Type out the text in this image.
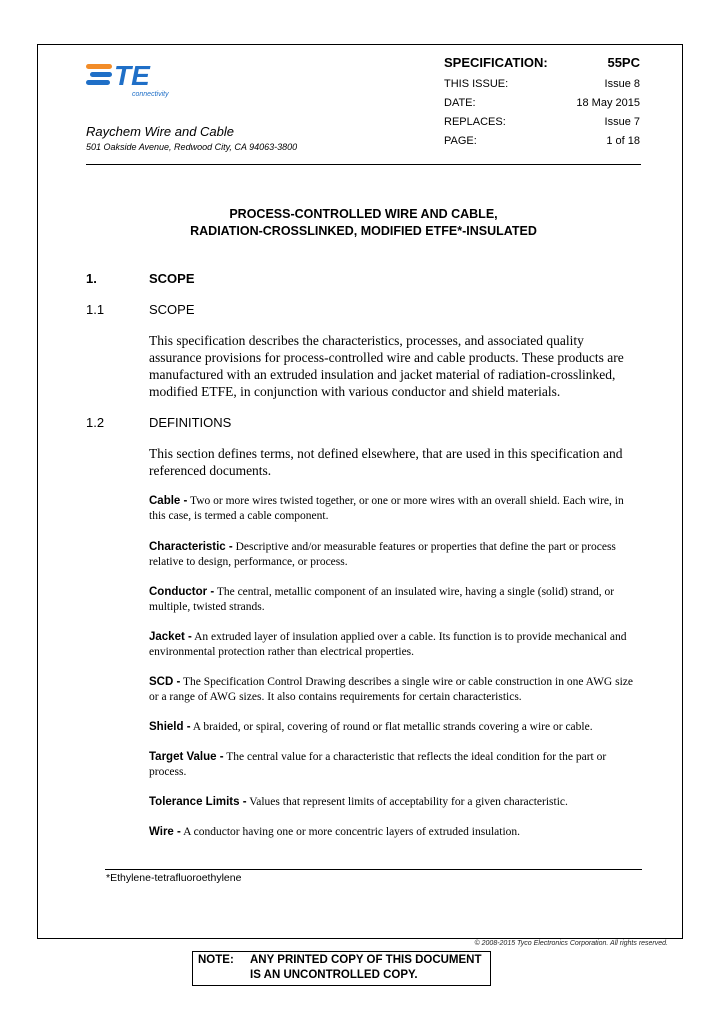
TE
connectivity
Raychem Wire and Cable
501 Oakside Avenue, Redwood City, CA 94063-3800
SPECIFICATION:	55PC
THIS ISSUE:	Issue 8
DATE:	18 May 2015
REPLACES:	Issue 7
PAGE:	1 of 18
PROCESS-CONTROLLED WIRE AND CABLE,
RADIATION-CROSSLINKED, MODIFIED ETFE*-INSULATED
1.	SCOPE
1.1	SCOPE
This specification describes the characteristics, processes, and associated quality assurance provisions for process-controlled wire and cable products. These products are manufactured with an extruded insulation and jacket material of radiation-crosslinked, modified ETFE, in conjunction with various conductor and shield materials.
1.2	DEFINITIONS
This section defines terms, not defined elsewhere, that are used in this specification and referenced documents.
Cable - Two or more wires twisted together, or one or more wires with an overall shield. Each wire, in this case, is termed a cable component.
Characteristic - Descriptive and/or measurable features or properties that define the part or process relative to design, performance, or process.
Conductor - The central, metallic component of an insulated wire, having a single (solid) strand, or multiple, twisted strands.
Jacket - An extruded layer of insulation applied over a cable. Its function is to provide mechanical and environmental protection rather than electrical properties.
SCD - The Specification Control Drawing describes a single wire or cable construction in one AWG size or a range of AWG sizes. It also contains requirements for certain characteristics.
Shield - A braided, or spiral, covering of round or flat metallic strands covering a wire or cable.
Target Value - The central value for a characteristic that reflects the ideal condition for the part or process.
Tolerance Limits - Values that represent limits of acceptability for a given characteristic.
Wire - A conductor having one or more concentric layers of extruded insulation.
*Ethylene-tetrafluoroethylene
© 2008-2015 Tyco Electronics Corporation. All rights reserved.
NOTE: ANY PRINTED COPY OF THIS DOCUMENT
IS AN UNCONTROLLED COPY.
